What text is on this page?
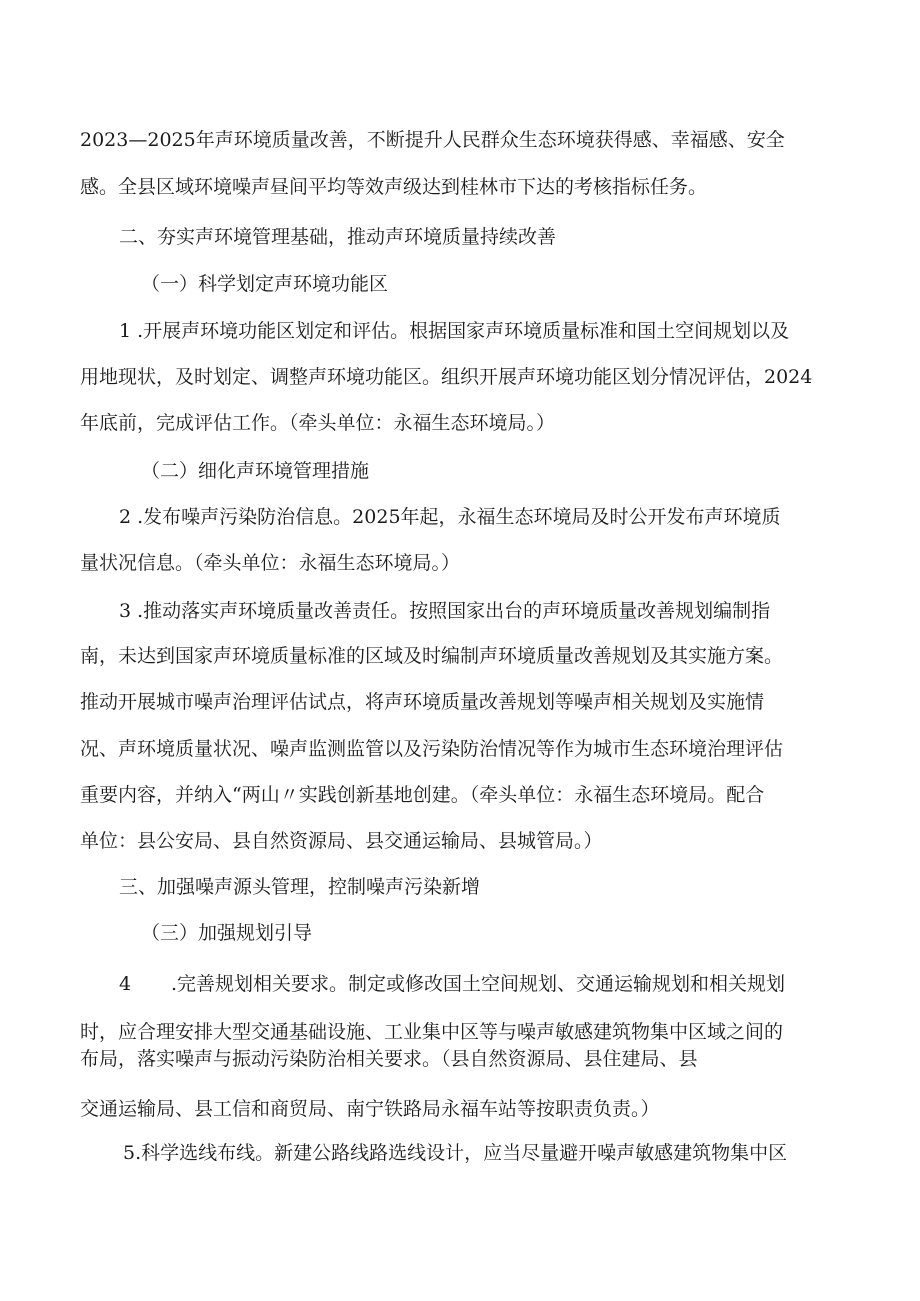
2023—2025年声环境质量改善，不断提升人民群众生态环境获得感、幸福感、安全

感。全县区域环境噪声昼间平均等效声级达到桂林市下达的考核指标任务。

二、夯实声环境管理基础，推动声环境质量持续改善

（一）科学划定声环境功能区

1 .开展声环境功能区划定和评估。根据国家声环境质量标准和国土空间规划以及

用地现状，及时划定、调整声环境功能区。组织开展声环境功能区划分情况评估，2024

年底前，完成评估工作。（牵头单位：永福生态环境局。）

（二）细化声环境管理措施

2 .发布噪声污染防治信息。2025年起，永福生态环境局及时公开发布声环境质

量状况信息。（牵头单位：永福生态环境局。）

3 .推动落实声环境质量改善责任。按照国家出台的声环境质量改善规划编制指

南，未达到国家声环境质量标准的区域及时编制声环境质量改善规划及其实施方案。

推动开展城市噪声治理评估试点，将声环境质量改善规划等噪声相关规划及实施情

况、声环境质量状况、噪声监测监管以及污染防治情况等作为城市生态环境治理评估

重要内容，并纳入“两山〃实践创新基地创建。（牵头单位：永福生态环境局。配合

单位：县公安局、县自然资源局、县交通运输局、县城管局。）

三、加强噪声源头管理，控制噪声污染新增

（三）加强规划引导

4 .完善规划相关要求。制定或修改国土空间规划、交通运输规划和相关规划

时，应合理安排大型交通基础设施、工业集中区等与噪声敏感建筑物集中区域之间的

布局，落实噪声与振动污染防治相关要求。（县自然资源局、县住建局、县

交通运输局、县工信和商贸局、南宁铁路局永福车站等按职责负责。）

5.科学选线布线。新建公路线路选线设计，应当尽量避开噪声敏感建筑物集中区
